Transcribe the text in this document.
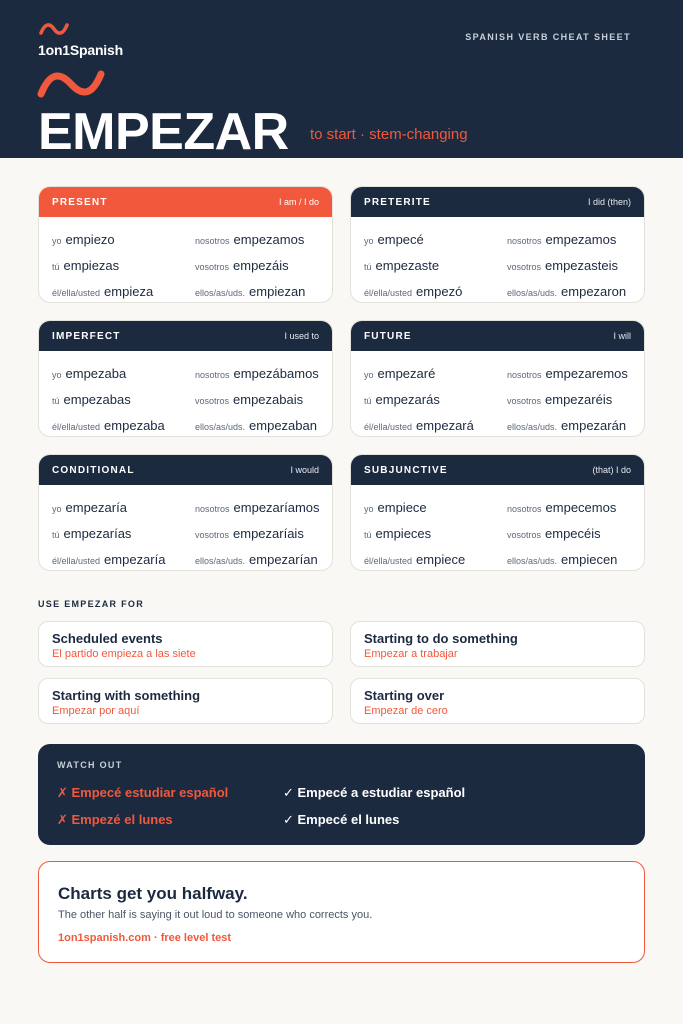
1on1Spanish
SPANISH VERB CHEAT SHEET
EMPEZAR to start · stem-changing
PRESENT	I am / I do
yo empiezo	nosotros empezamos
tú empiezas	vosotros empezáis
él/ella/usted empieza	ellos/as/uds. empiezan
PRETERITE	I did (then)
yo empecé	nosotros empezamos
tú empezaste	vosotros empezasteis
él/ella/usted empezó	ellos/as/uds. empezaron
IMPERFECT	I used to
yo empezaba	nosotros empezábamos
tú empezabas	vosotros empezabais
él/ella/usted empezaba	ellos/as/uds. empezaban
FUTURE	I will
yo empezaré	nosotros empezaremos
tú empezarás	vosotros empezaréis
él/ella/usted empezará	ellos/as/uds. empezarán
CONDITIONAL	I would
yo empezaría	nosotros empezaríamos
tú empezarías	vosotros empezaríais
él/ella/usted empezaría	ellos/as/uds. empezarían
SUBJUNCTIVE	(that) I do
yo empiece	nosotros empecemos
tú empieces	vosotros empecéis
él/ella/usted empiece	ellos/as/uds. empiecen
USE EMPEZAR FOR
Scheduled events
El partido empieza a las siete
Starting to do something
Empezar a trabajar
Starting with something
Empezar por aquí
Starting over
Empezar de cero
WATCH OUT
✗ Empecé estudiar español	✓ Empecé a estudiar español
✗ Empezé el lunes	✓ Empecé el lunes
Charts get you halfway.
The other half is saying it out loud to someone who corrects you.
1on1spanish.com · free level test
